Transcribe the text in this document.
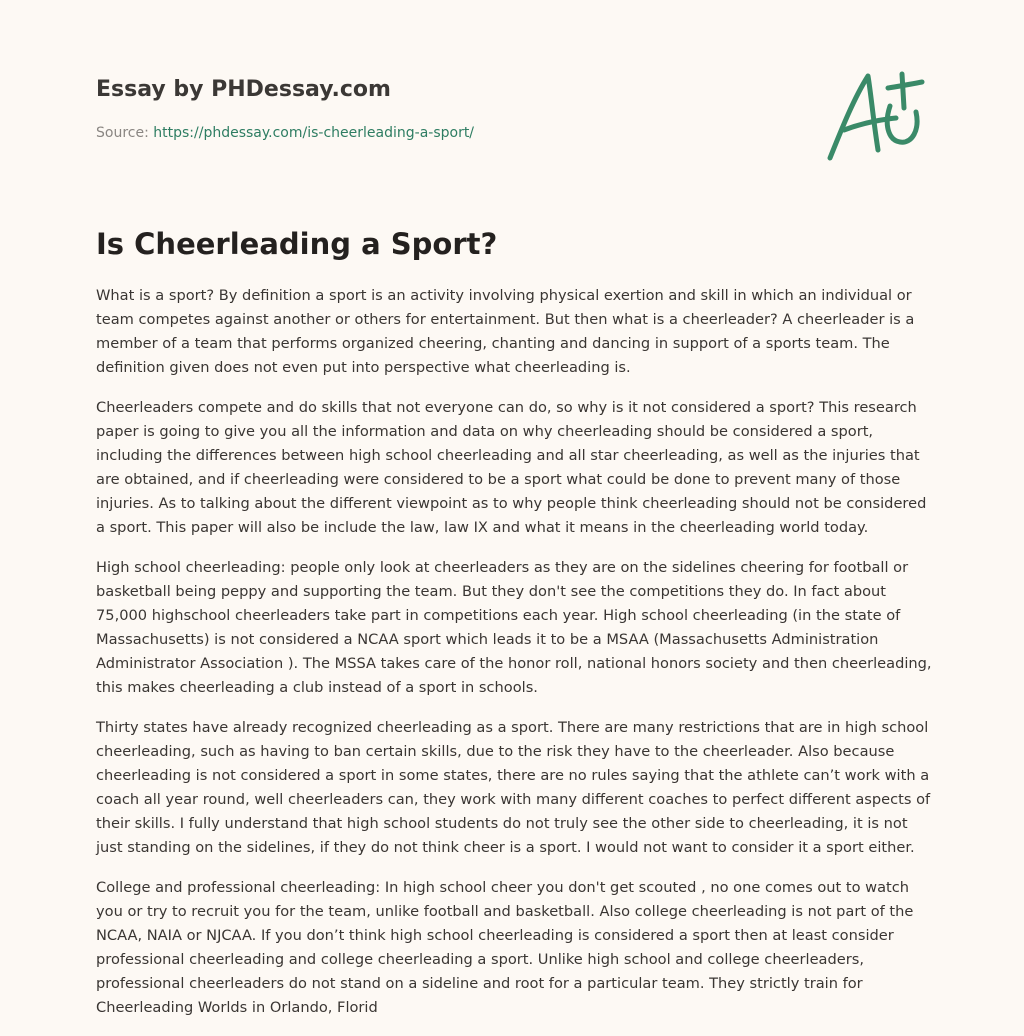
Essay by PHDessay.com
Source: https://phdessay.com/is-cheerleading-a-sport/
Is Cheerleading a Sport?

What is a sport? By definition a sport is an activity involving physical exertion and skill in which an individual or team competes against another or others for entertainment. But then what is a cheerleader? A cheerleader is a member of a team that performs organized cheering, chanting and dancing in support of a sports team. The definition given does not even put into perspective what cheerleading is.

Cheerleaders compete and do skills that not everyone can do, so why is it not considered a sport? This research paper is going to give you all the information and data on why cheerleading should be considered a sport, including the differences between high school cheerleading and all star cheerleading, as well as the injuries that are obtained, and if cheerleading were considered to be a sport what could be done to prevent many of those injuries. As to talking about the different viewpoint as to why people think cheerleading should not be considered a sport. This paper will also be include the law, law IX and what it means in the cheerleading world today.

High school cheerleading: people only look at cheerleaders as they are on the sidelines cheering for football or basketball being peppy and supporting the team. But they don't see the competitions they do. In fact about 75,000 highschool cheerleaders take part in competitions each year. High school cheerleading (in the state of Massachusetts) is not considered a NCAA sport which leads it to be a MSAA (Massachusetts Administration Administrator Association ). The MSSA takes care of the honor roll, national honors society and then cheerleading, this makes cheerleading a club instead of a sport in schools.

Thirty states have already recognized cheerleading as a sport. There are many restrictions that are in high school cheerleading, such as having to ban certain skills, due to the risk they have to the cheerleader. Also because cheerleading is not considered a sport in some states, there are no rules saying that the athlete can’t work with a coach all year round, well cheerleaders can, they work with many different coaches to perfect different aspects of their skills. I fully understand that high school students do not truly see the other side to cheerleading, it is not just standing on the sidelines, if they do not think cheer is a sport. I would not want to consider it a sport either.

College and professional cheerleading: In high school cheer you don't get scouted , no one comes out to watch you or try to recruit you for the team, unlike football and basketball. Also college cheerleading is not part of the NCAA, NAIA or NJCAA. If you don’t think high school cheerleading is considered a sport then at least consider professional cheerleading and college cheerleading a sport. Unlike high school and college cheerleaders, professional cheerleaders do not stand on a sideline and root for a particular team. They strictly train for Cheerleading Worlds in Orlando, Florid
